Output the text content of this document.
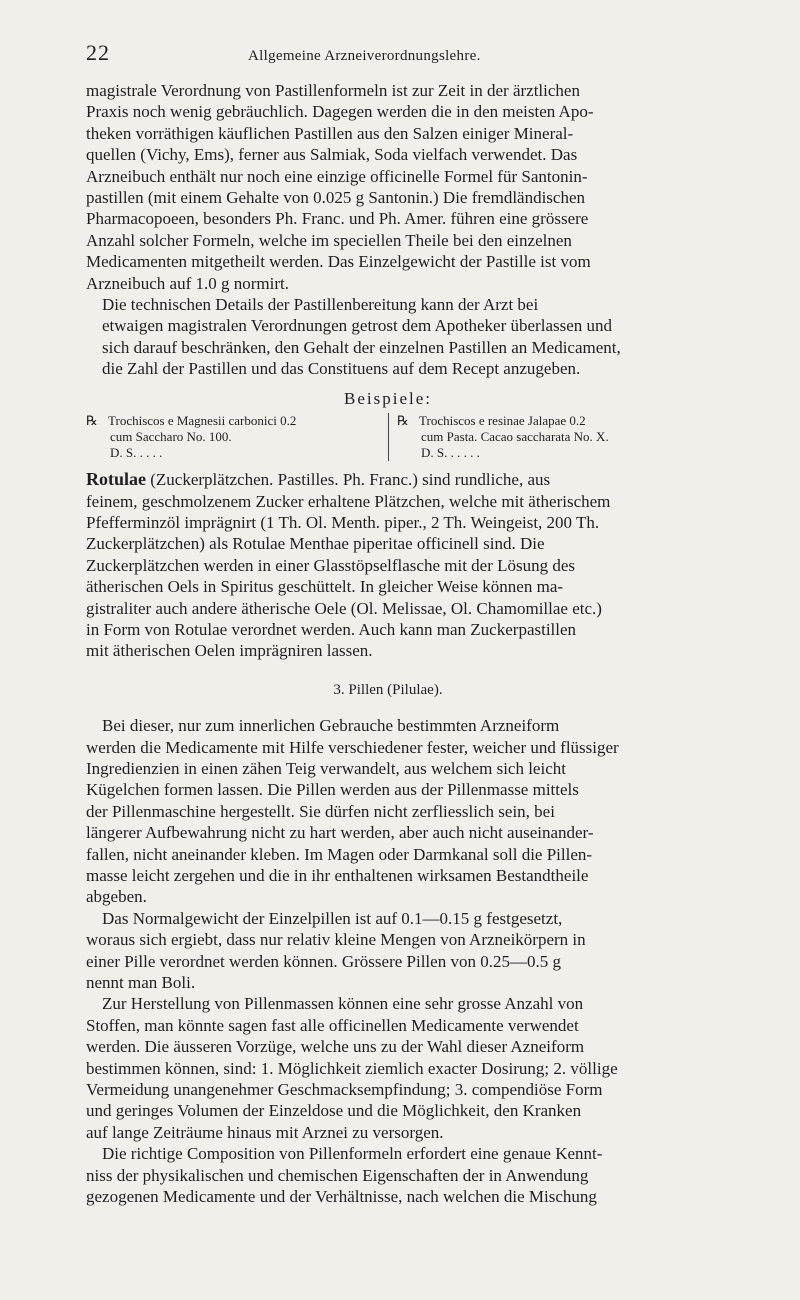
22	Allgemeine Arzneiverordnungslehre.

magistrale Verordnung von Pastillenformeln ist zur Zeit in der ärztlichen
Praxis noch wenig gebräuchlich. Dagegen werden die in den meisten Apo-
theken vorräthigen käuflichen Pastillen aus den Salzen einiger Mineral-
quellen (Vichy, Ems), ferner aus Salmiak, Soda vielfach verwendet. Das
Arzneibuch enthält nur noch eine einzige officinelle Formel für Santonin-
pastillen (mit einem Gehalte von 0.025 g Santonin.) Die fremdländischen
Pharmacopoeen, besonders Ph. Franc. und Ph. Amer. führen eine grössere
Anzahl solcher Formeln, welche im speciellen Theile bei den einzelnen
Medicamenten mitgetheilt werden. Das Einzelgewicht der Pastille ist vom
Arzneibuch auf 1.0 g normirt.

Die technischen Details der Pastillenbereitung kann der Arzt bei
etwaigen magistralen Verordnungen getrost dem Apotheker überlassen und
sich darauf beschränken, den Gehalt der einzelnen Pastillen an Medicament,
die Zahl der Pastillen und das Constituens auf dem Recept anzugeben.

Beispiele:
℞ Trochiscos e Magnesii carbonici 0.2
cum Saccharo No. 100.
D. S. . . . .
℞ Trochiscos e resinae Jalapae 0.2
cum Pasta. Cacao saccharata No. X.
D. S. . . . . .

Rotulae (Zuckerplätzchen. Pastilles. Ph. Franc.) sind rundliche, aus
feinem, geschmolzenem Zucker erhaltene Plätzchen, welche mit ätherischem
Pfefferminzöl imprägnirt (1 Th. Ol. Menth. piper., 2 Th. Weingeist, 200 Th.
Zuckerplätzchen) als Rotulae Menthae piperitae officinell sind. Die
Zuckerplätzchen werden in einer Glasstöpselflasche mit der Lösung des
ätherischen Oels in Spiritus geschüttelt. In gleicher Weise können ma-
gistraliter auch andere ätherische Oele (Ol. Melissae, Ol. Chamomillae etc.)
in Form von Rotulae verordnet werden. Auch kann man Zuckerpastillen
mit ätherischen Oelen imprägniren lassen.

3. Pillen (Pilulae).

Bei dieser, nur zum innerlichen Gebrauche bestimmten Arzneiform
werden die Medicamente mit Hilfe verschiedener fester, weicher und flüssiger
Ingredienzien in einen zähen Teig verwandelt, aus welchem sich leicht
Kügelchen formen lassen. Die Pillen werden aus der Pillenmasse mittels
der Pillenmaschine hergestellt. Sie dürfen nicht zerfliesslich sein, bei
längerer Aufbewahrung nicht zu hart werden, aber auch nicht auseinander-
fallen, nicht aneinander kleben. Im Magen oder Darmkanal soll die Pillen-
masse leicht zergehen und die in ihr enthaltenen wirksamen Bestandtheile
abgeben.

Das Normalgewicht der Einzelpillen ist auf 0.1—0.15 g festgesetzt,
woraus sich ergiebt, dass nur relativ kleine Mengen von Arzneikörpern in
einer Pille verordnet werden können. Grössere Pillen von 0.25—0.5 g
nennt man Boli.

Zur Herstellung von Pillenmassen können eine sehr grosse Anzahl von
Stoffen, man könnte sagen fast alle officinellen Medicamente verwendet
werden. Die äusseren Vorzüge, welche uns zu der Wahl dieser Azneiform
bestimmen können, sind: 1. Möglichkeit ziemlich exacter Dosirung; 2. völlige
Vermeidung unangenehmer Geschmacksempfindung; 3. compendiöse Form
und geringes Volumen der Einzeldose und die Möglichkeit, den Kranken
auf lange Zeiträume hinaus mit Arznei zu versorgen.

Die richtige Composition von Pillenformeln erfordert eine genaue Kennt-
niss der physikalischen und chemischen Eigenschaften der in Anwendung
gezogenen Medicamente und der Verhältnisse, nach welchen die Mischung
